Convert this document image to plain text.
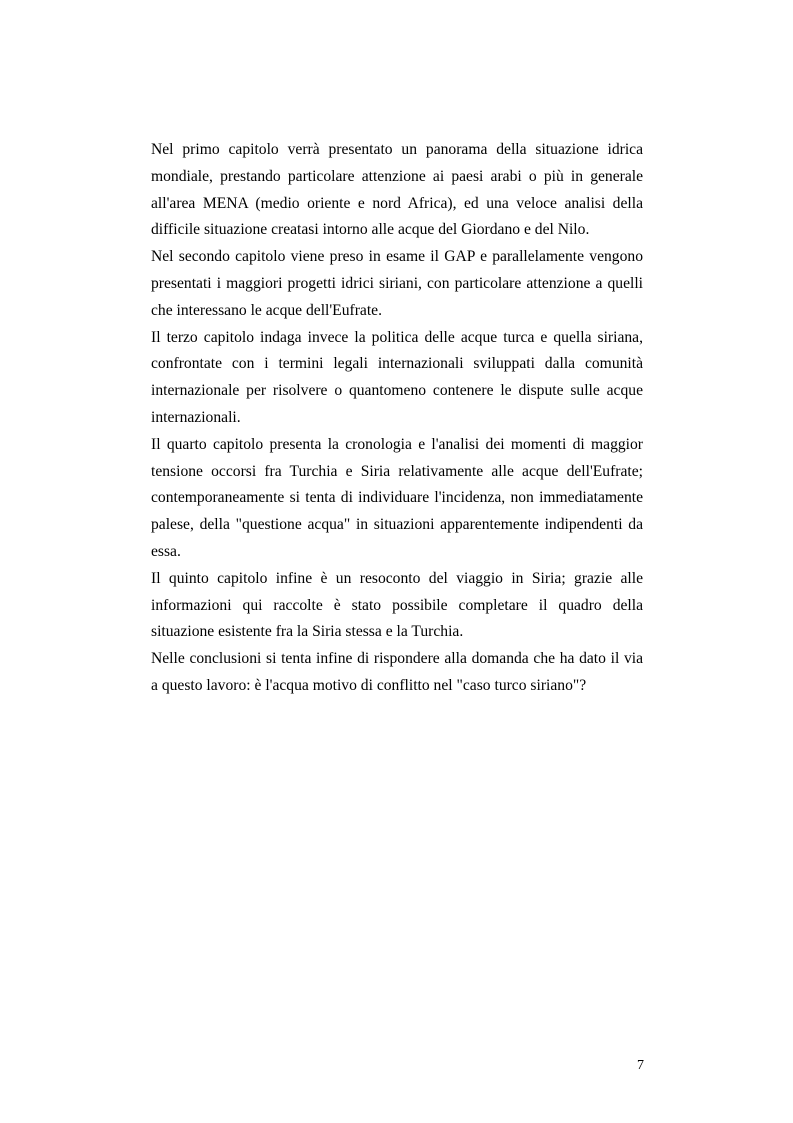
Nel primo capitolo verrà presentato un panorama della situazione idrica mondiale, prestando particolare attenzione ai paesi arabi o più in generale all'area MENA (medio oriente e nord Africa), ed una veloce analisi della difficile situazione creatasi intorno alle acque del Giordano e del Nilo.

Nel secondo capitolo viene preso in esame il GAP e parallelamente vengono presentati i maggiori progetti idrici siriani, con particolare attenzione a quelli che interessano le acque dell'Eufrate.

Il terzo capitolo indaga invece la politica delle acque turca e quella siriana, confrontate con i termini legali internazionali sviluppati dalla comunità internazionale per risolvere o quantomeno contenere le dispute sulle acque internazionali.

Il quarto capitolo presenta la cronologia e l'analisi dei momenti di maggior tensione occorsi fra Turchia e Siria relativamente alle acque dell'Eufrate; contemporaneamente si tenta di individuare l'incidenza, non immediatamente palese, della "questione acqua" in situazioni apparentemente indipendenti da essa.

Il quinto capitolo infine è un resoconto del viaggio in Siria; grazie alle informazioni qui raccolte è stato possibile completare il quadro della situazione esistente fra la Siria stessa e la Turchia.

Nelle conclusioni si tenta infine di rispondere alla domanda che ha dato il via a questo lavoro: è l'acqua motivo di conflitto nel "caso turco siriano"?

7
